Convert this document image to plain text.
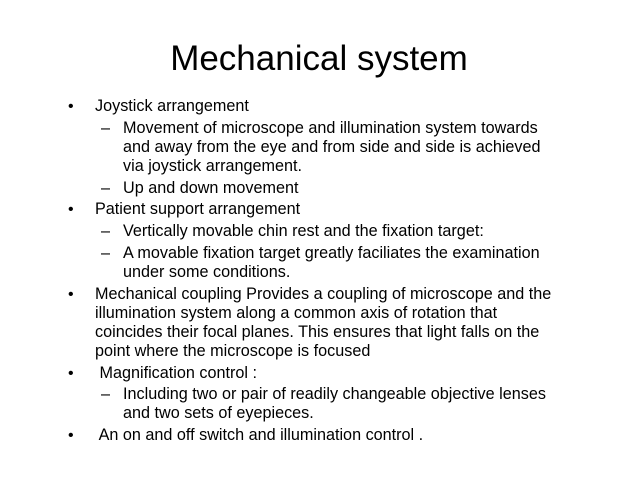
Mechanical system
• Joystick arrangement
– Movement of microscope and illumination system towards
and away from the eye and from side and side is achieved
via joystick arrangement.
– Up and down movement
• Patient support arrangement
– Vertically movable chin rest and the fixation target:
– A movable fixation target greatly faciliates the examination
under some conditions.
• Mechanical coupling Provides a coupling of microscope and the
illumination system along a common axis of rotation that
coincides their focal planes. This ensures that light falls on the
point where the microscope is focused
• Magnification control :
– Including two or pair of readily changeable objective lenses
and two sets of eyepieces.
• An on and off switch and illumination control .
